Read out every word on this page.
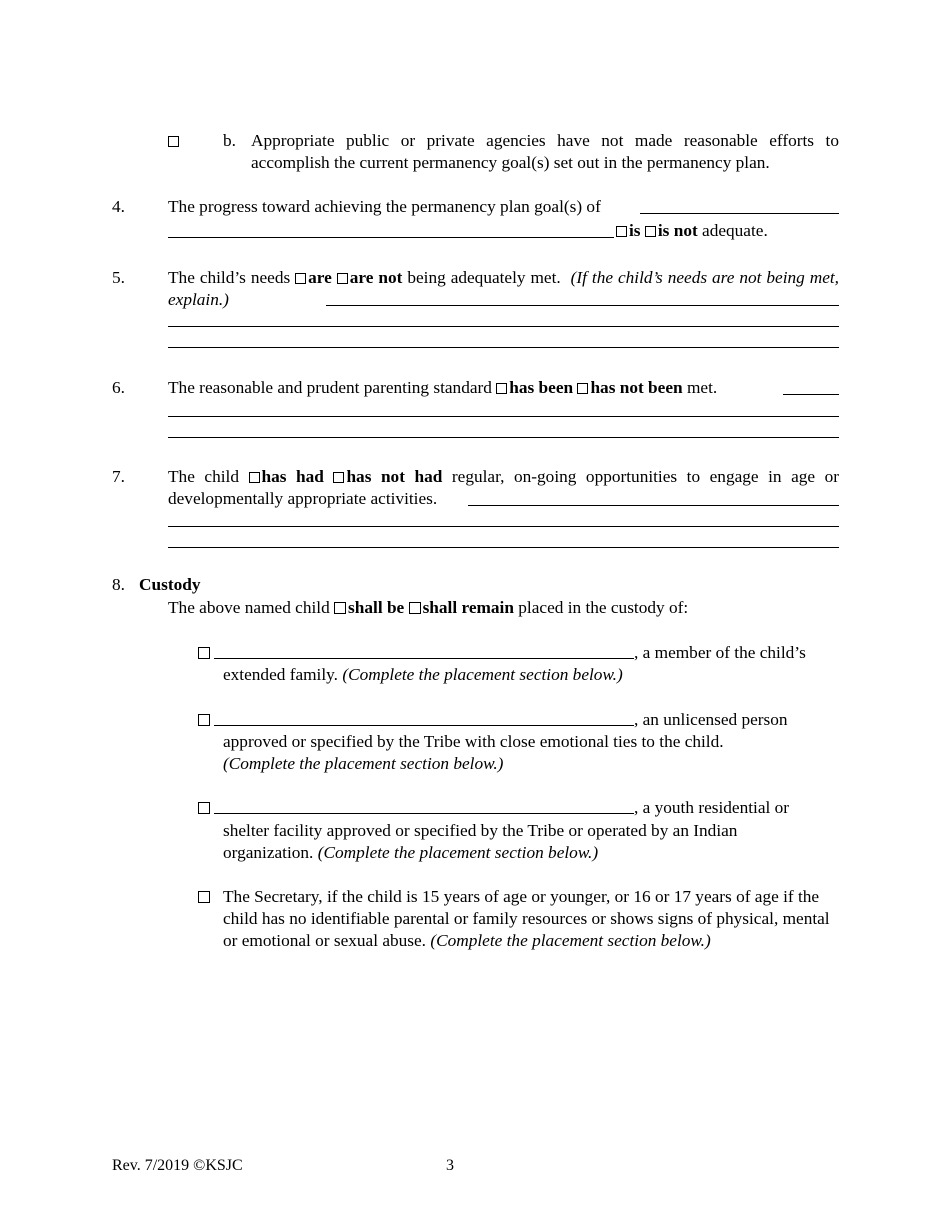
b. Appropriate public or private agencies have not made reasonable efforts to accomplish the current permanency goal(s) set out in the permanency plan.
4. The progress toward achieving the permanency plan goal(s) of
is is not adequate.
5. The child’s needs are are not being adequately met. (If the child’s needs are not being met, explain.)
6. The reasonable and prudent parenting standard has been has not been met.
7. The child has had has not had regular, on-going opportunities to engage in age or developmentally appropriate activities.
8. Custody
The above named child shall be shall remain placed in the custody of:
, a member of the child’s
extended family. (Complete the placement section below.)
, an unlicensed person
approved or specified by the Tribe with close emotional ties to the child.
(Complete the placement section below.)
, a youth residential or
shelter facility approved or specified by the Tribe or operated by an Indian
organization. (Complete the placement section below.)
The Secretary, if the child is 15 years of age or younger, or 16 or 17 years of age if the child has no identifiable parental or family resources or shows signs of physical, mental or emotional or sexual abuse. (Complete the placement section below.)
Rev. 7/2019 ©KSJC	3
